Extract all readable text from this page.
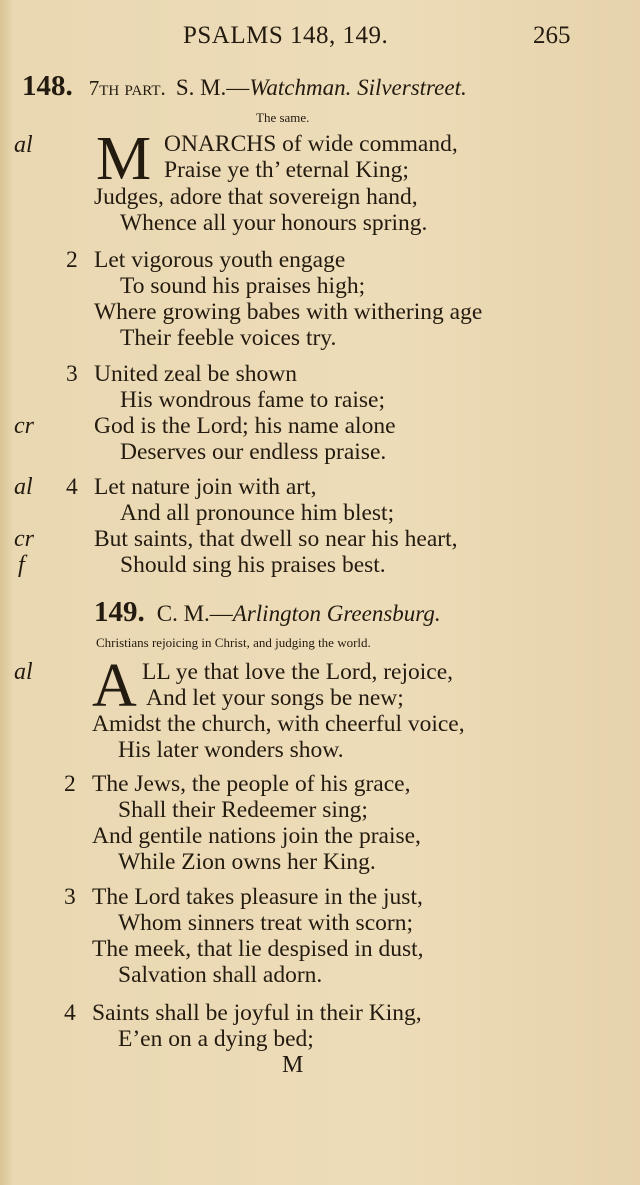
PSALMS 148, 149.	265
148. 7th part. S. M.—Watchman. Silverstreet.
The same.
al M ONARCHS of wide command,
Praise ye th’ eternal King;
Judges, adore that sovereign hand,
Whence all your honours spring.
2 Let vigorous youth engage
To sound his praises high;
Where growing babes with withering age
Their feeble voices try.
3 United zeal be shown
His wondrous fame to raise;
cr	God is the Lord; his name alone
Deserves our endless praise.
al 4 Let nature join with art,
And all pronounce him blest;
cr	But saints, that dwell so near his heart,
f	Should sing his praises best.
149. C. M.—Arlington Greensburg.
Christians rejoicing in Christ, and judging the world.
al A LL ye that love the Lord, rejoice,
And let your songs be new;
Amidst the church, with cheerful voice,
His later wonders show.
2 The Jews, the people of his grace,
Shall their Redeemer sing;
And gentile nations join the praise,
While Zion owns her King.
3 The Lord takes pleasure in the just,
Whom sinners treat with scorn;
The meek, that lie despised in dust,
Salvation shall adorn.
4 Saints shall be joyful in their King,
E’en on a dying bed;
M
